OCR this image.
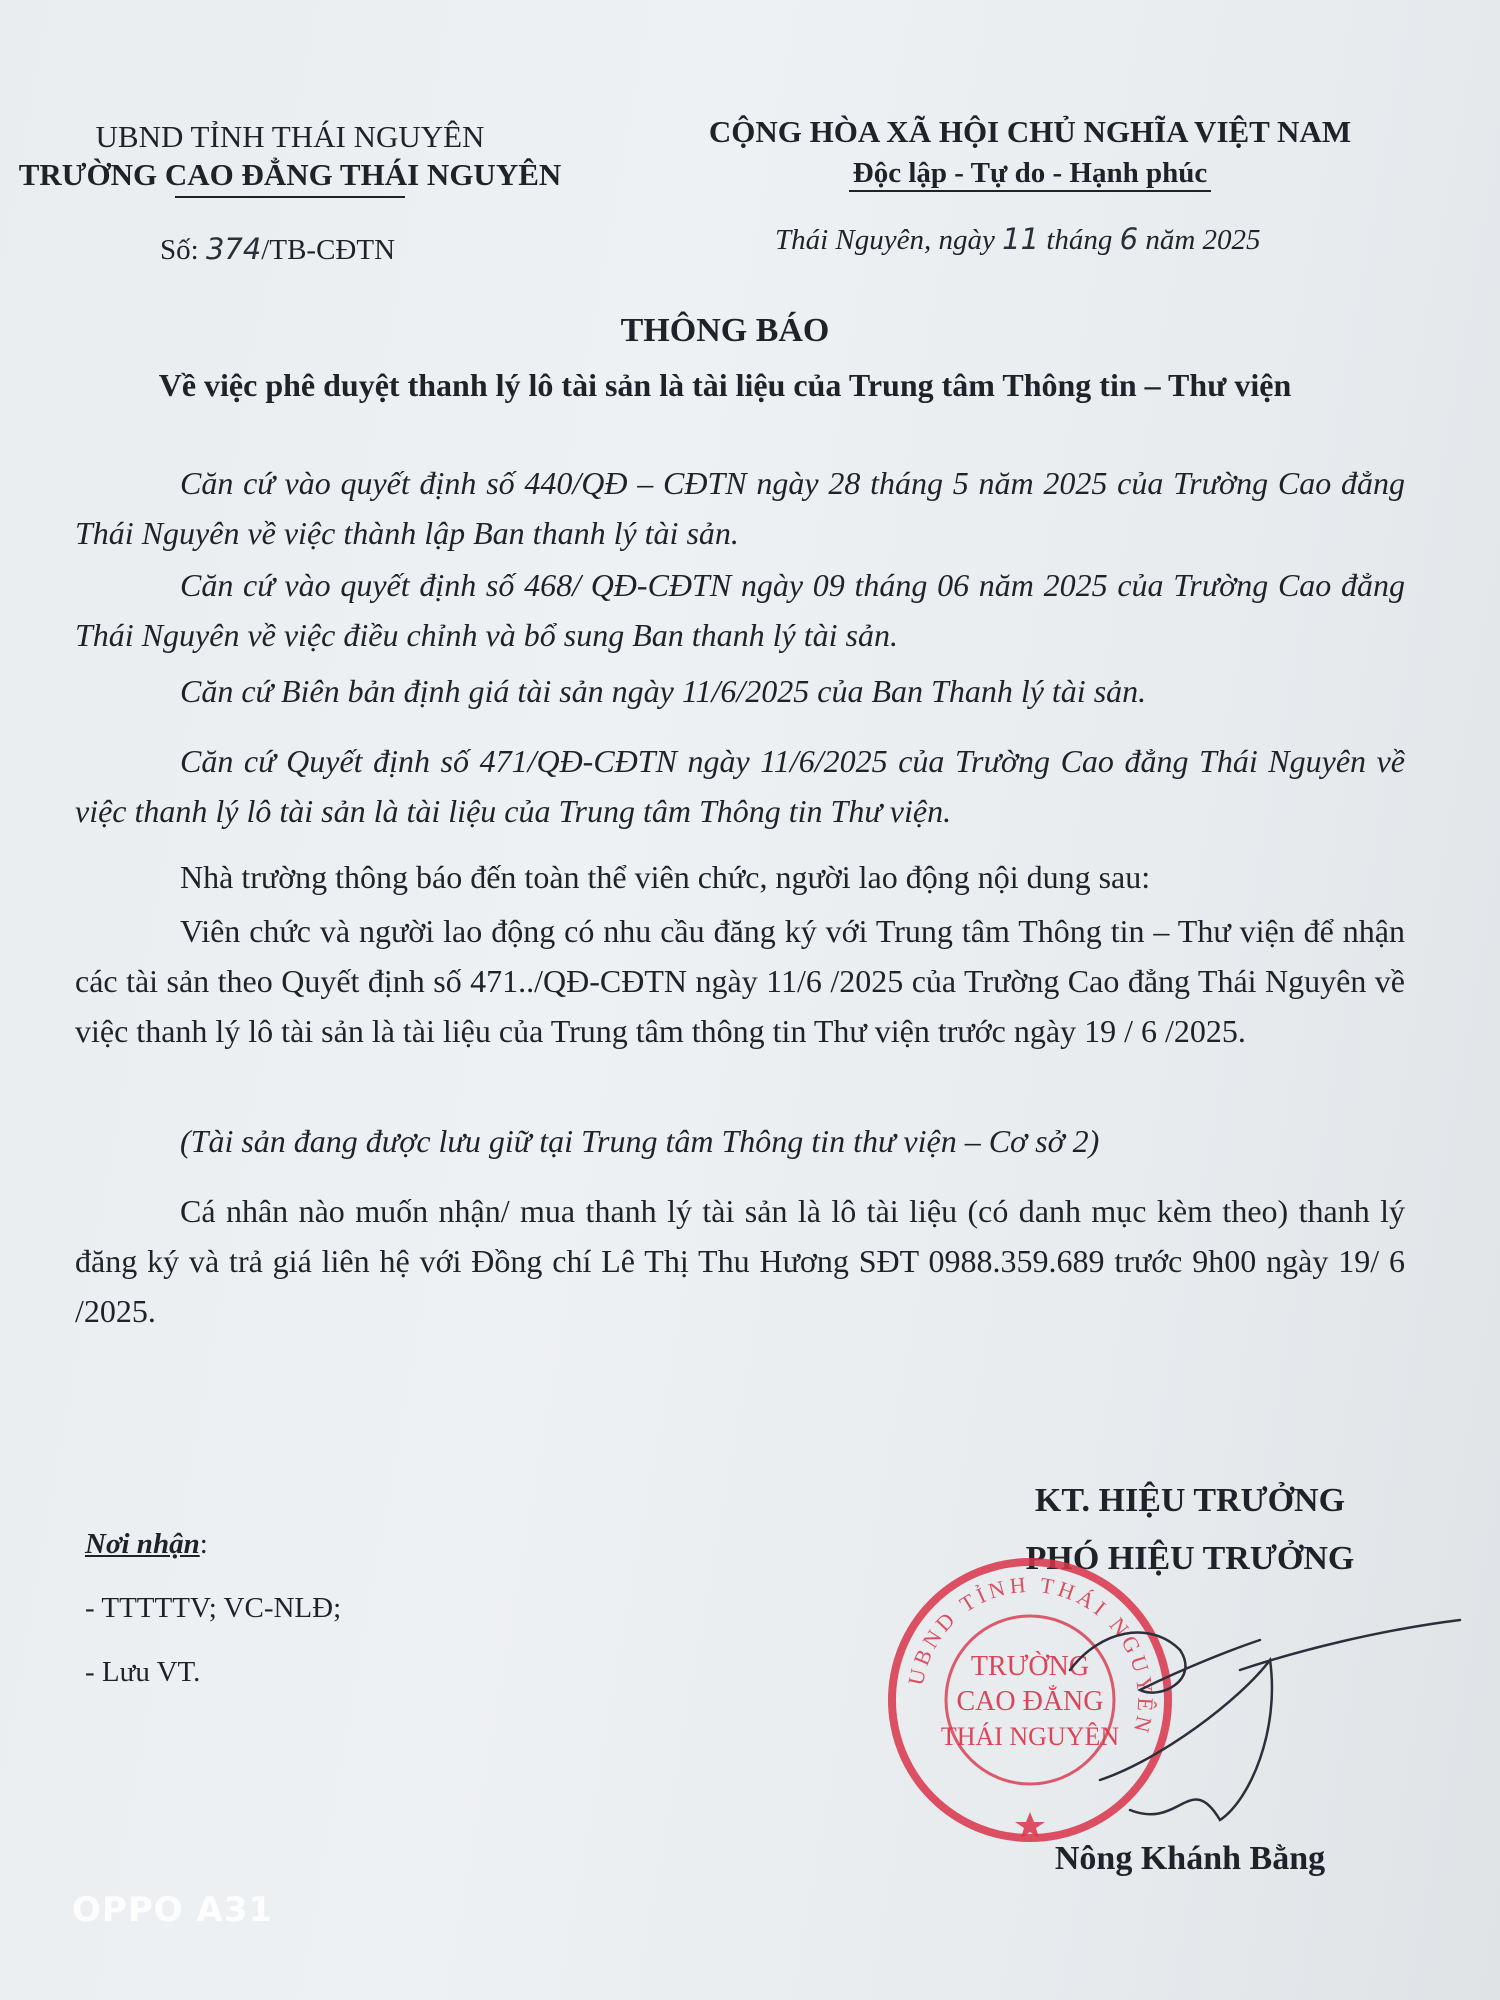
UBND TỈNH THÁI NGUYÊN
TRƯỜNG CAO ĐẲNG THÁI NGUYÊN
CỘNG HÒA XÃ HỘI CHỦ NGHĨA VIỆT NAM
Độc lập - Tự do - Hạnh phúc
Số: 374/TB-CĐTN	Thái Nguyên, ngày 11 tháng 6 năm 2025
THÔNG BÁO
Về việc phê duyệt thanh lý lô tài sản là tài liệu của Trung tâm Thông tin – Thư viện
Căn cứ vào quyết định số 440/QĐ – CĐTN ngày 28 tháng 5 năm 2025 của Trường Cao đẳng Thái Nguyên về việc thành lập Ban thanh lý tài sản.
Căn cứ vào quyết định số 468/ QĐ-CĐTN ngày 09 tháng 06 năm 2025 của Trường Cao đẳng Thái Nguyên về việc điều chỉnh và bổ sung Ban thanh lý tài sản.
Căn cứ Biên bản định giá tài sản ngày 11/6/2025 của Ban Thanh lý tài sản.
Căn cứ Quyết định số 471/QĐ-CĐTN ngày 11/6/2025 của Trường Cao đẳng Thái Nguyên về việc thanh lý lô tài sản là tài liệu của Trung tâm Thông tin Thư viện.
Nhà trường thông báo đến toàn thể viên chức, người lao động nội dung sau:
Viên chức và người lao động có nhu cầu đăng ký với Trung tâm Thông tin – Thư viện để nhận các tài sản theo Quyết định số 471../QĐ-CĐTN ngày 11/6 /2025 của Trường Cao đẳng Thái Nguyên về việc thanh lý lô tài sản là tài liệu của Trung tâm thông tin Thư viện trước ngày 19 / 6 /2025.
(Tài sản đang được lưu giữ tại Trung tâm Thông tin thư viện – Cơ sở 2)
Cá nhân nào muốn nhận/ mua thanh lý tài sản là lô tài liệu (có danh mục kèm theo) thanh lý đăng ký và trả giá liên hệ với Đồng chí Lê Thị Thu Hương SĐT 0988.359.689 trước 9h00 ngày 19/ 6 /2025.
Nơi nhận:
- TTTTTV; VC-NLĐ;
- Lưu VT.
KT. HIỆU TRƯỞNG
PHÓ HIỆU TRƯỞNG
UBND TỈNH THÁI NGUYÊN
TRƯỜNG
CAO ĐẲNG
THÁI NGUYÊN
Nông Khánh Bằng
OPPO A31
